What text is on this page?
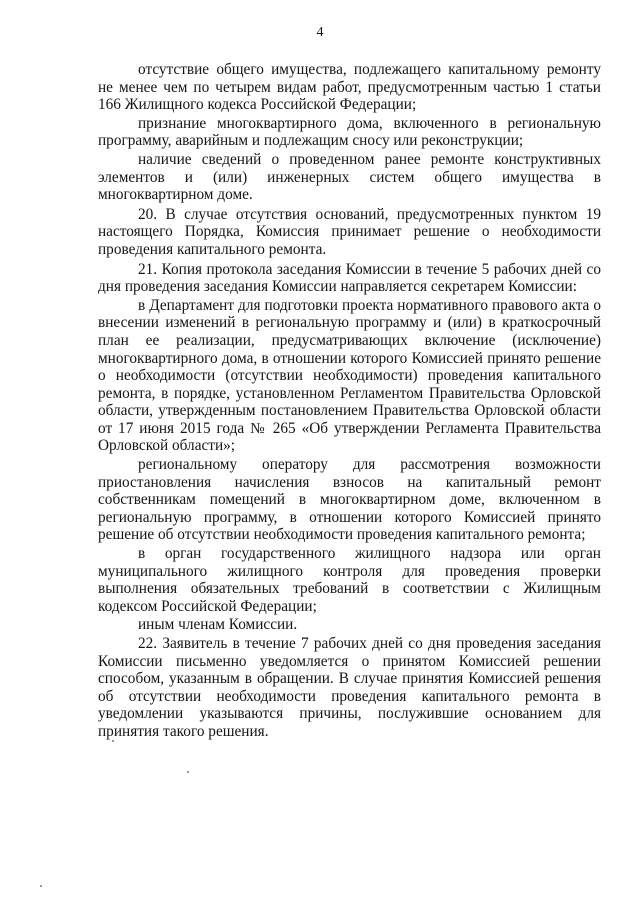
4

отсутствие общего имущества, подлежащего капитальному ремонту не менее чем по четырем видам работ, предусмотренным частью 1 статьи 166 Жилищного кодекса Российской Федерации;

признание многоквартирного дома, включенного в региональную программу, аварийным и подлежащим сносу или реконструкции;

наличие сведений о проведенном ранее ремонте конструктивных элементов и (или) инженерных систем общего имущества в многоквартирном доме.

20. В случае отсутствия оснований, предусмотренных пунктом 19 настоящего Порядка, Комиссия принимает решение о необходимости проведения капитального ремонта.

21. Копия протокола заседания Комиссии в течение 5 рабочих дней со дня проведения заседания Комиссии направляется секретарем Комиссии:

в Департамент для подготовки проекта нормативного правового акта о внесении изменений в региональную программу и (или) в краткосрочный план ее реализации, предусматривающих включение (исключение) многоквартирного дома, в отношении которого Комиссией принято решение о необходимости (отсутствии необходимости) проведения капитального ремонта, в порядке, установленном Регламентом Правительства Орловской области, утвержденным постановлением Правительства Орловской области от 17 июня 2015 года № 265 «Об утверждении Регламента Правительства Орловской области»;

региональному оператору для рассмотрения возможности приостановления начисления взносов на капитальный ремонт собственникам помещений в многоквартирном доме, включенном в региональную программу, в отношении которого Комиссией принято решение об отсутствии необходимости проведения капитального ремонта;

в орган государственного жилищного надзора или орган муниципального жилищного контроля для проведения проверки выполнения обязательных требований в соответствии с Жилищным кодексом Российской Федерации;

иным членам Комиссии.

22. Заявитель в течение 7 рабочих дней со дня проведения заседания Комиссии письменно уведомляется о принятом Комиссией решении способом, указанным в обращении. В случае принятия Комиссией решения об отсутствии необходимости проведения капитального ремонта в уведомлении указываются причины, послужившие основанием для принятия такого решения.
